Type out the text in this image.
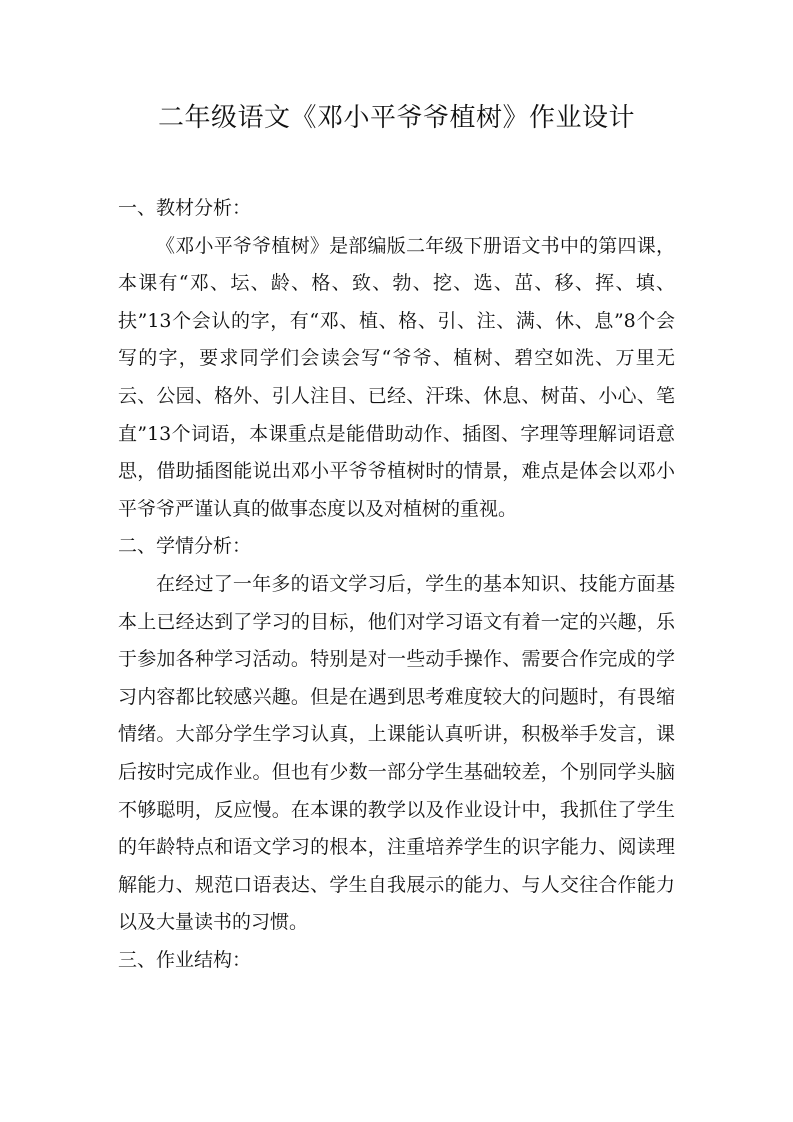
二年级语文《邓小平爷爷植树》作业设计

一、教材分析：

《邓小平爷爷植树》是部编版二年级下册语文书中的第四课，本课有“邓、坛、龄、格、致、勃、挖、选、茁、移、挥、填、扶”13个会认的字，有“邓、植、格、引、注、满、休、息”8个会写的字，要求同学们会读会写“爷爷、植树、碧空如洗、万里无云、公园、格外、引人注目、已经、汗珠、休息、树苗、小心、笔直”13个词语，本课重点是能借助动作、插图、字理等理解词语意思，借助插图能说出邓小平爷爷植树时的情景，难点是体会以邓小平爷爷严谨认真的做事态度以及对植树的重视。

二、学情分析：

在经过了一年多的语文学习后，学生的基本知识、技能方面基本上已经达到了学习的目标，他们对学习语文有着一定的兴趣，乐于参加各种学习活动。特别是对一些动手操作、需要合作完成的学习内容都比较感兴趣。但是在遇到思考难度较大的问题时，有畏缩情绪。大部分学生学习认真，上课能认真听讲，积极举手发言，课后按时完成作业。但也有少数一部分学生基础较差，个别同学头脑不够聪明，反应慢。在本课的教学以及作业设计中，我抓住了学生的年龄特点和语文学习的根本，注重培养学生的识字能力、阅读理解能力、规范口语表达、学生自我展示的能力、与人交往合作能力以及大量读书的习惯。

三、作业结构：
